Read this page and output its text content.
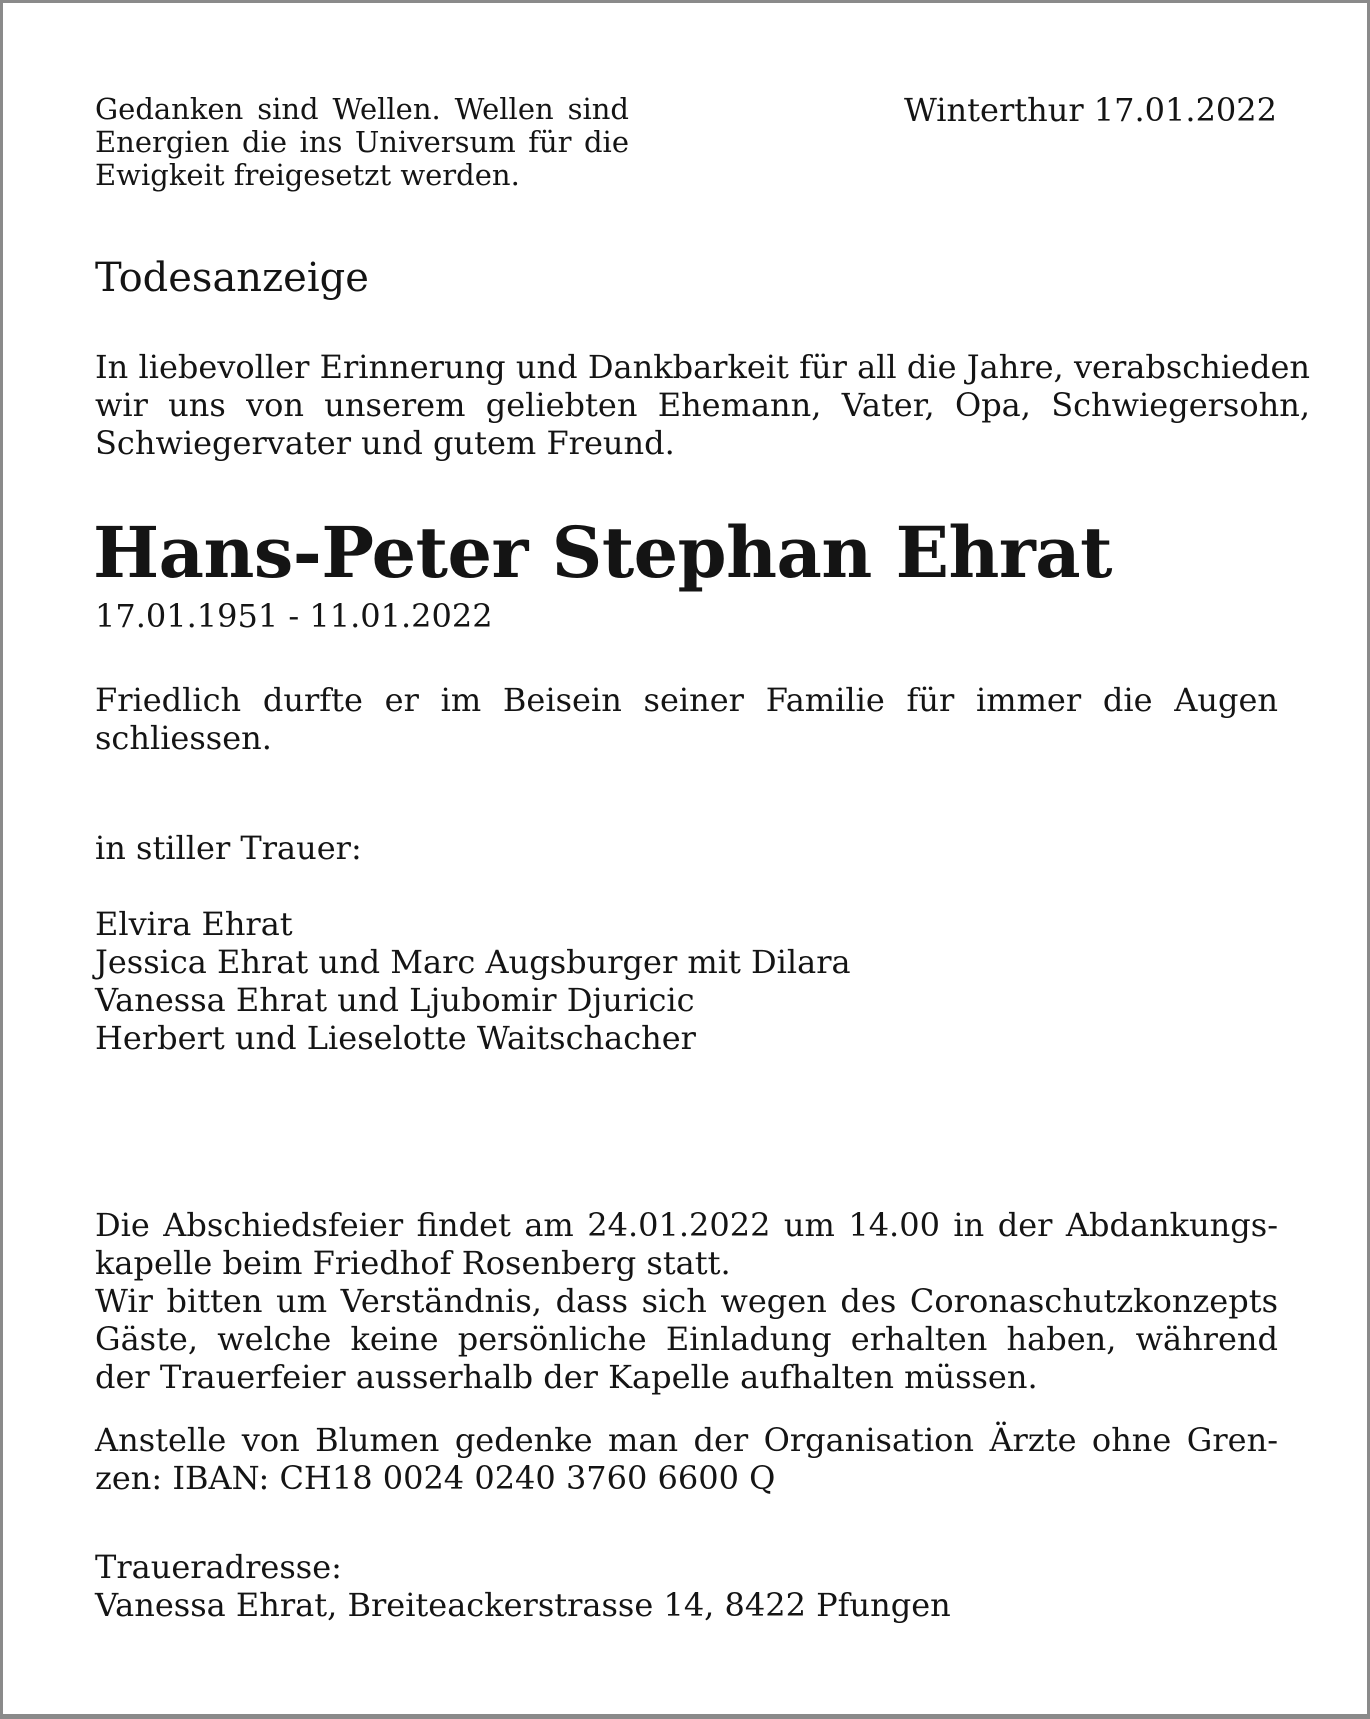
Gedanken sind Wellen. Wellen sind Energien die ins Universum für die Ewigkeit freigesetzt werden.
Winterthur 17.01.2022
Todesanzeige
In liebevoller Erinnerung und Dankbarkeit für all die Jahre, verabschieden wir uns von unserem geliebten Ehemann, Vater, Opa, Schwiegersohn, Schwiegervater und gutem Freund.
Hans-Peter Stephan Ehrat
17.01.1951 - 11.01.2022
Friedlich durfte er im Beisein seiner Familie für immer die Augen schliessen.
in stiller Trauer:
Elvira Ehrat
Jessica Ehrat und Marc Augsburger mit Dilara
Vanessa Ehrat und Ljubomir Djuricic
Herbert und Lieselotte Waitschacher

Die Abschiedsfeier findet am 24.01.2022 um 14.00 in der Abdankungskapelle beim Friedhof Rosenberg statt.

Wir bitten um Verständnis, dass sich wegen des Coronaschutzkonzepts Gäste, welche keine persönliche Einladung erhalten haben, während der Trauerfeier ausserhalb der Kapelle aufhalten müssen.

Anstelle von Blumen gedenke man der Organisation Ärzte ohne Grenzen: IBAN: CH18 0024 0240 3760 6600 Q

Traueradresse:
Vanessa Ehrat, Breiteackerstrasse 14, 8422 Pfungen
